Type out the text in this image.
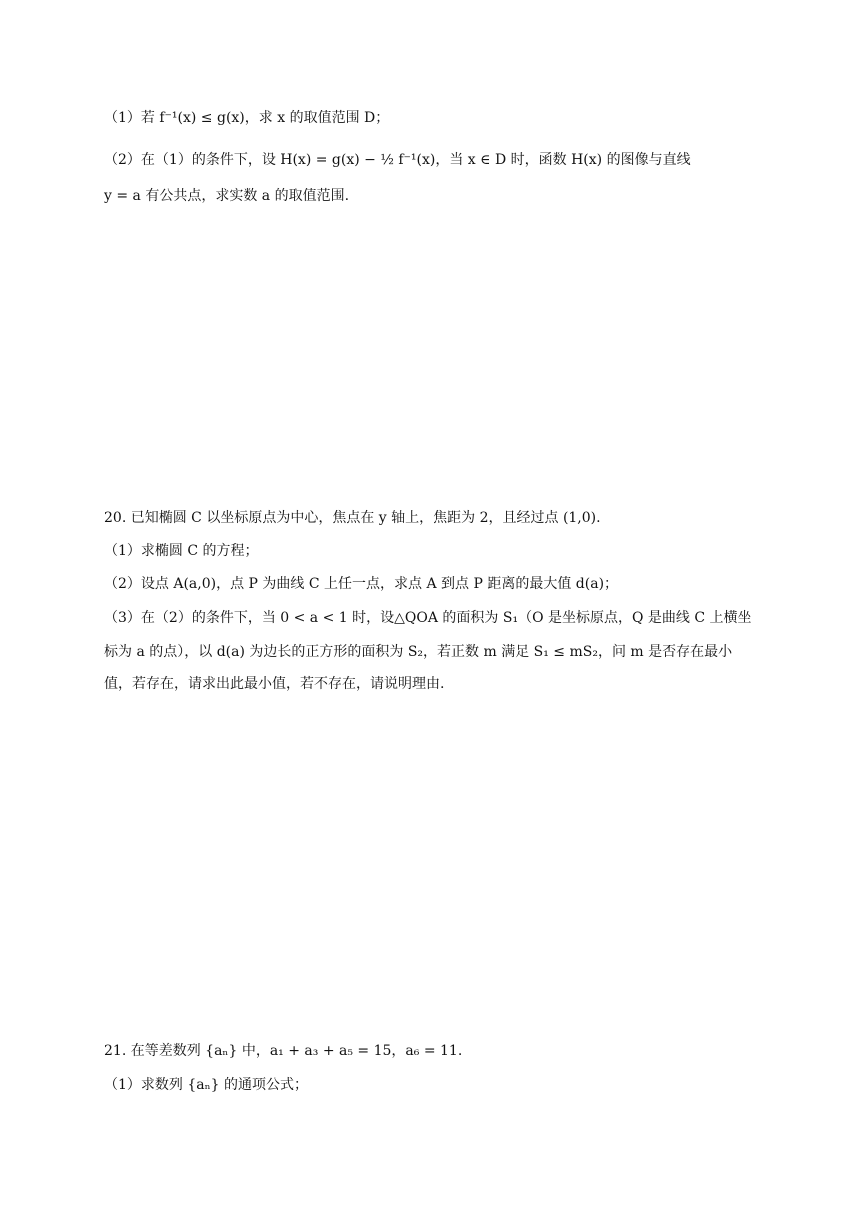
（1）若 f⁻¹(x) ≤ g(x)，求 x 的取值范围 D；
（2）在（1）的条件下，设 H(x) = g(x) − ½ f⁻¹(x)，当 x ∈ D 时，函数 H(x) 的图像与直线
y = a 有公共点，求实数 a 的取值范围.
20. 已知椭圆 C 以坐标原点为中心，焦点在 y 轴上，焦距为 2，且经过点 (1,0).
（1）求椭圆 C 的方程；
（2）设点 A(a,0)，点 P 为曲线 C 上任一点，求点 A 到点 P 距离的最大值 d(a)；
（3）在（2）的条件下，当 0 < a < 1 时，设△QOA 的面积为 S₁（O 是坐标原点，Q 是曲线 C 上横坐
标为 a 的点），以 d(a) 为边长的正方形的面积为 S₂，若正数 m 满足 S₁ ≤ mS₂，问 m 是否存在最小
值，若存在，请求出此最小值，若不存在，请说明理由.
21. 在等差数列 {aₙ} 中，a₁ + a₃ + a₅ = 15，a₆ = 11.
（1）求数列 {aₙ} 的通项公式；
